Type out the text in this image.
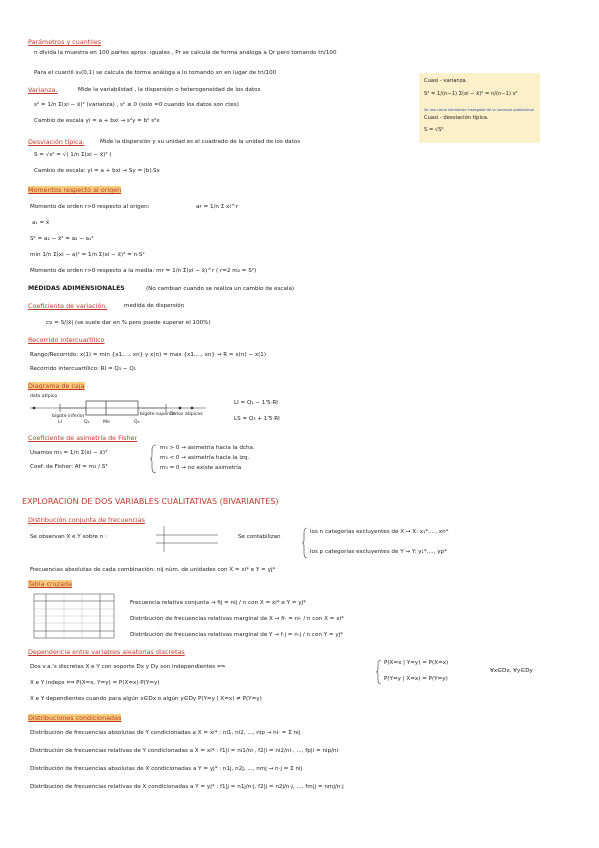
Parámetros y cuantiles
n divida la muestra en 100 partes aprox. iguales , Pr se calcula de forma análoga a Qr pero tomando tn/100
Para el cuantil x₀(0,1) se calcula de forma análoga a lo tomando xn en lugar de tn/100
Varianza.	Mide la variabilidad , la dispersión o heterogeneidad de los datos
s² = 1/n Σ(xi − x̄)² (varianza) , s² ≥ 0 (solo =0 cuando los datos son ctes)
Cambio de escala yi = a + bxi → s²y = b² s²x
Desviación típica.	Mide la dispersión y su unidad es el cuadrado de la unidad de los datos
S = √s² = √( 1/n Σ(xi − x̄)² )
Cambio de escala: yi = a + bxi → Sy = |b|·Sx
Cuasi - varianza.
S² = 1/(n−1) Σ(xi − x̄)² = n/(n−1) s²
Se usa como estimador insesgado de la varianza poblacional
Cuasi - desviación típica.
S = √S²
Momentos respecto al origen
Momento de orden r>0 respecto al origen:	ar = 1/n Σ xi^r
a₁ = x̄
S² = a₂ − x̄² = a₂ − a₁²
min 1/n Σ(xi − a)² = 1/n Σ(xi − x̄)² = n·S²
Momento de orden r>0 respecto a la media: mr = 1/n Σ(xi − x̄)^r ( r=2 m₂ = S²)
MEDIDAS ADIMENSIONALES	(No cambian cuando se realiza un cambio de escala)
Coeficiente de variación.	medida de dispersión
cv = S/|x̄| (se suele dar en % pero puede superar el 100%)
Recorrido intercuartílico
Rango/Recorrido: x(1) = min {x1,..., xn} y x(n) = max {x1,..., xn} → R = x(n) − x(1)
Recorrido intercuartílico: RI = Q₃ − Q₁
Diagrama de caja
dato atípico
bigote inferior
LI	Q₁	Me	Q₃
bigote superior
Datos atípicos
LI = Q₁ − 1'5·RI
LS = Q₃ + 1'5·RI
Coeficiente de asimetría de Fisher
Usamos m₃ = 1/n Σ(xi − x̄)³
Coef. de Fisher: Af = m₃ / S³
m₃ > 0 → asimetría hacia la dcha.
m₃ < 0 → asimetría hacia la izq.
m₃ = 0 → no existe asimetría
EXPLORACIÓN DE DOS VARIABLES CUALITATIVAS (BIVARIANTES)
Distribución conjunta de frecuencias
Se observan X e Y sobre n :	Se contabilizan
los n categorías excluyentes de X → X: x₁*,..., xn*
los p categorías excluyentes de Y → Y: y₁*,..., yp*
Frecuencias absolutas de cada combinación: nij núm. de unidades con X = xi* e Y = yj*
Tabla cruzada
Frecuencia relativa conjunta → fij = nij / n con X = xi* e Y = yj*
Distribución de frecuencias relativas marginal de X → fi· = ni· / n con X = xi*
Distribución de frecuencias relativas marginal de Y → f·j = n·j / n con Y = yj*
Dependencia entre variables aleatorias discretas
Dos v.a.'s discretas X e Y con soporte Dx y Dy son independientes ⟺
P(X=x | Y=y) = P(X=x)
P(Y=y | X=x) = P(Y=y)
∀x∈Dx, ∀y∈Dy
X e Y indeps ⟺ P(X=x, Y=y) = P(X=x)·P(Y=y)
X e Y dependientes cuando para algún x∈Dx o algún y∈Dy P(Y=y | X=x) ≠ P(Y=y)
Distribuciones condicionadas
Distribución de frecuencias absolutas de Y condicionadas a X = xi* : ni1, ni2, ..., nip → ni· = Σ nij
Distribución de frecuencias relativas de Y condicionadas a X = xi* : f1|i = ni1/ni·, f2|i = ni2/ni·, ..., fp|i = nip/ni·
Distribución de frecuencias absolutas de X condicionadas a Y = yj* : n1j, n2j, ..., nmj → n·j = Σ nij
Distribución de frecuencias relativas de X condicionadas a Y = yj* : f1|j = n1j/n·j, f2|j = n2j/n·j, ..., fm|j = nmj/n·j
